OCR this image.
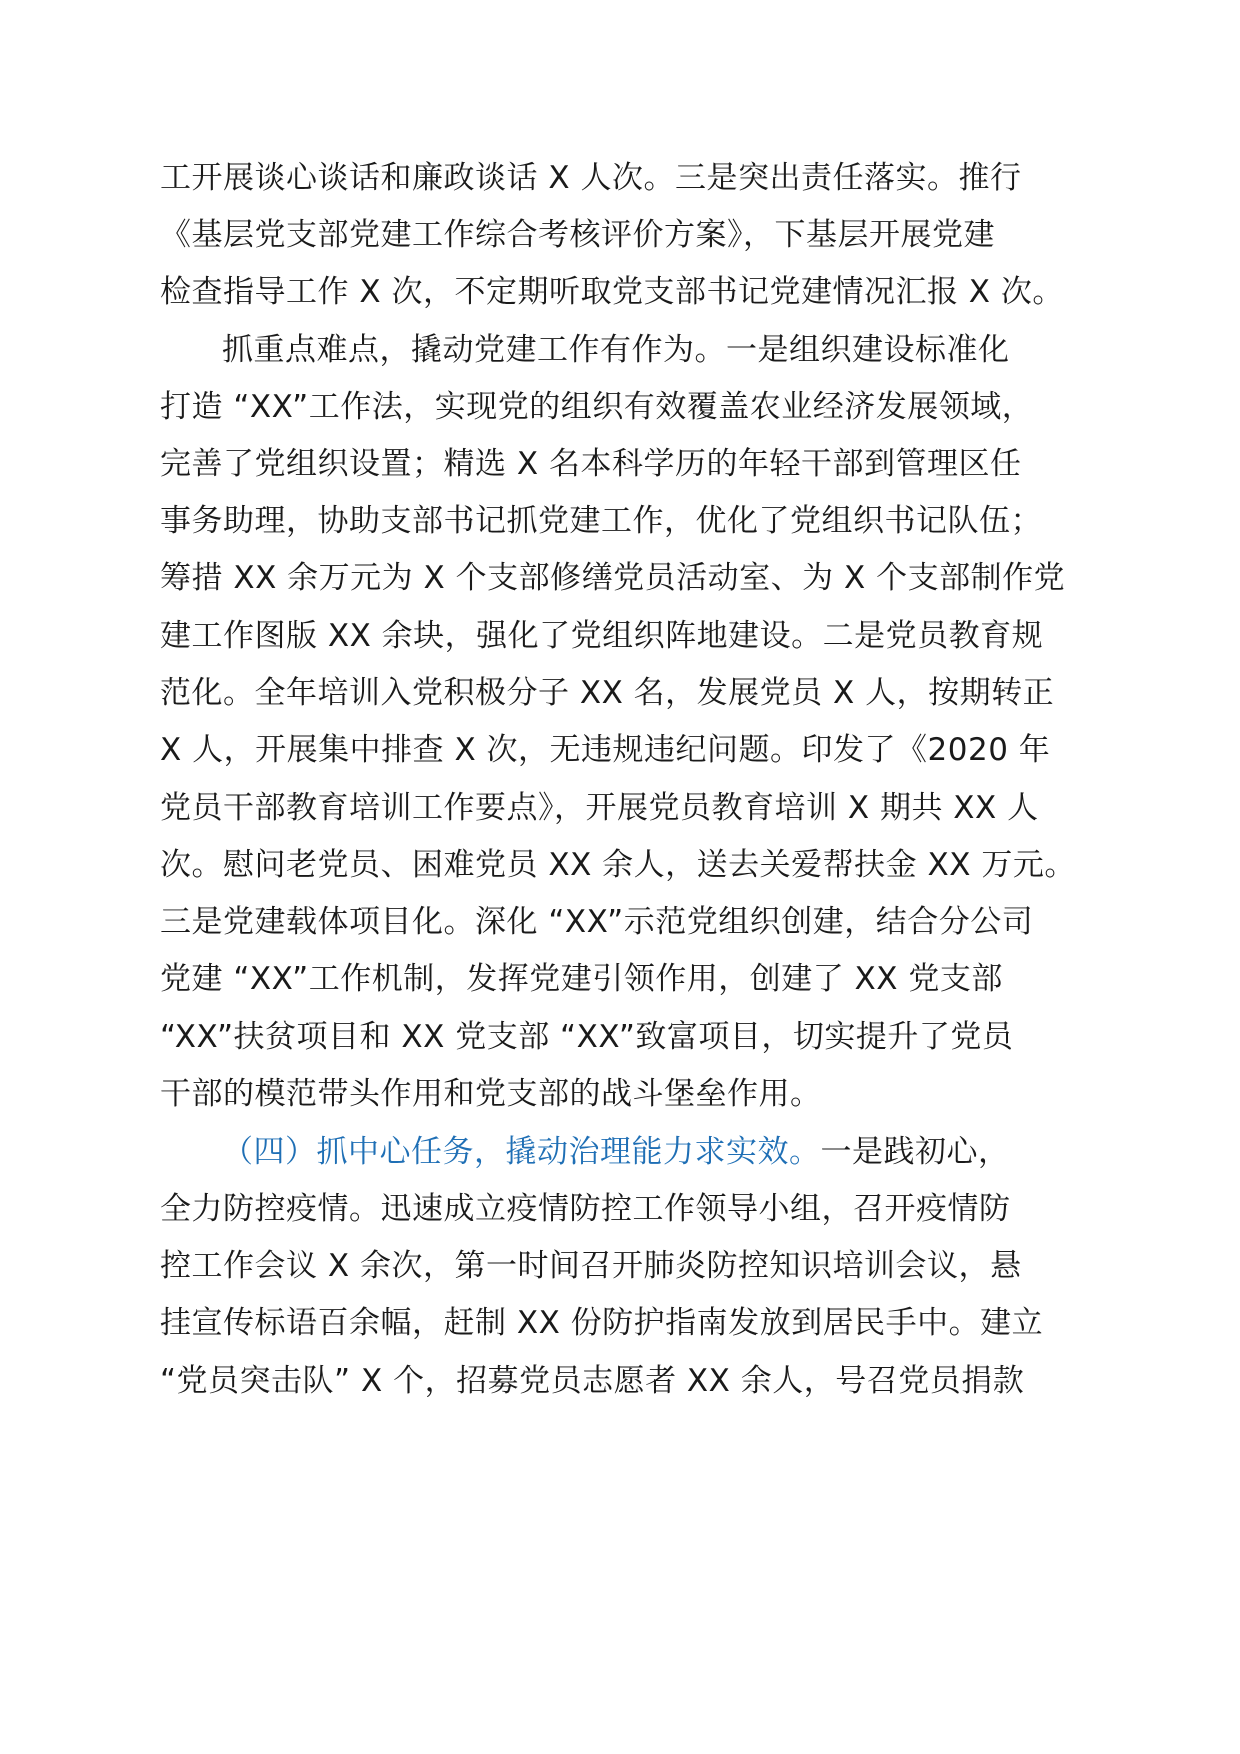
工开展谈心谈话和廉政谈话 X 人次。三是突出责任落实。推行
《基层党支部党建工作综合考核评价方案》，下基层开展党建
检查指导工作 X 次，不定期听取党支部书记党建情况汇报 X 次。
抓重点难点，撬动党建工作有作为。一是组织建设标准化
打造 “XX”工作法，实现党的组织有效覆盖农业经济发展领域，
完善了党组织设置；精选 X 名本科学历的年轻干部到管理区任
事务助理，协助支部书记抓党建工作，优化了党组织书记队伍；
筹措 XX 余万元为 X 个支部修缮党员活动室、为 X 个支部制作党
建工作图版 XX 余块，强化了党组织阵地建设。二是党员教育规
范化。全年培训入党积极分子 XX 名，发展党员 X 人，按期转正
X 人，开展集中排查 X 次，无违规违纪问题。印发了《2020 年
党员干部教育培训工作要点》，开展党员教育培训 X 期共 XX 人
次。慰问老党员、困难党员 XX 余人，送去关爱帮扶金 XX 万元。
三是党建载体项目化。深化 “XX”示范党组织创建，结合分公司
党建 “XX”工作机制，发挥党建引领作用，创建了 XX 党支部
“XX”扶贫项目和 XX 党支部 “XX”致富项目，切实提升了党员
干部的模范带头作用和党支部的战斗堡垒作用。
（四）抓中心任务，撬动治理能力求实效。一是践初心，
全力防控疫情。迅速成立疫情防控工作领导小组，召开疫情防
控工作会议 X 余次，第一时间召开肺炎防控知识培训会议，悬
挂宣传标语百余幅，赶制 XX 份防护指南发放到居民手中。建立
“党员突击队” X 个，招募党员志愿者 XX 余人，号召党员捐款
